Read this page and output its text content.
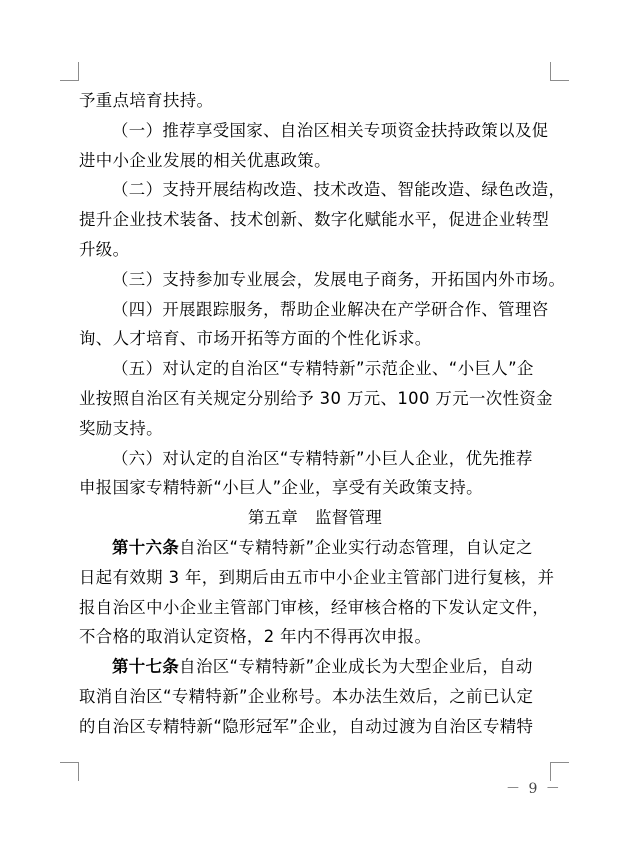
予重点培育扶持。
（一）推荐享受国家、自治区相关专项资金扶持政策以及促
进中小企业发展的相关优惠政策。
（二）支持开展结构改造、技术改造、智能改造、绿色改造，
提升企业技术装备、技术创新、数字化赋能水平，促进企业转型
升级。
（三）支持参加专业展会，发展电子商务，开拓国内外市场。
（四）开展跟踪服务，帮助企业解决在产学研合作、管理咨
询、人才培育、市场开拓等方面的个性化诉求。
（五）对认定的自治区“专精特新”示范企业、“小巨人”企
业按照自治区有关规定分别给予 30 万元、100 万元一次性资金
奖励支持。
（六）对认定的自治区“专精特新”小巨人企业，优先推荐
申报国家专精特新“小巨人”企业，享受有关政策支持。
第五章　监督管理
第十六条自治区“专精特新”企业实行动态管理，自认定之
日起有效期 3 年，到期后由五市中小企业主管部门进行复核，并
报自治区中小企业主管部门审核，经审核合格的下发认定文件，
不合格的取消认定资格，2 年内不得再次申报。
第十七条自治区“专精特新”企业成长为大型企业后，自动
取消自治区“专精特新”企业称号。本办法生效后，之前已认定
的自治区专精特新“隐形冠军”企业，自动过渡为自治区专精特
－ 9 －
